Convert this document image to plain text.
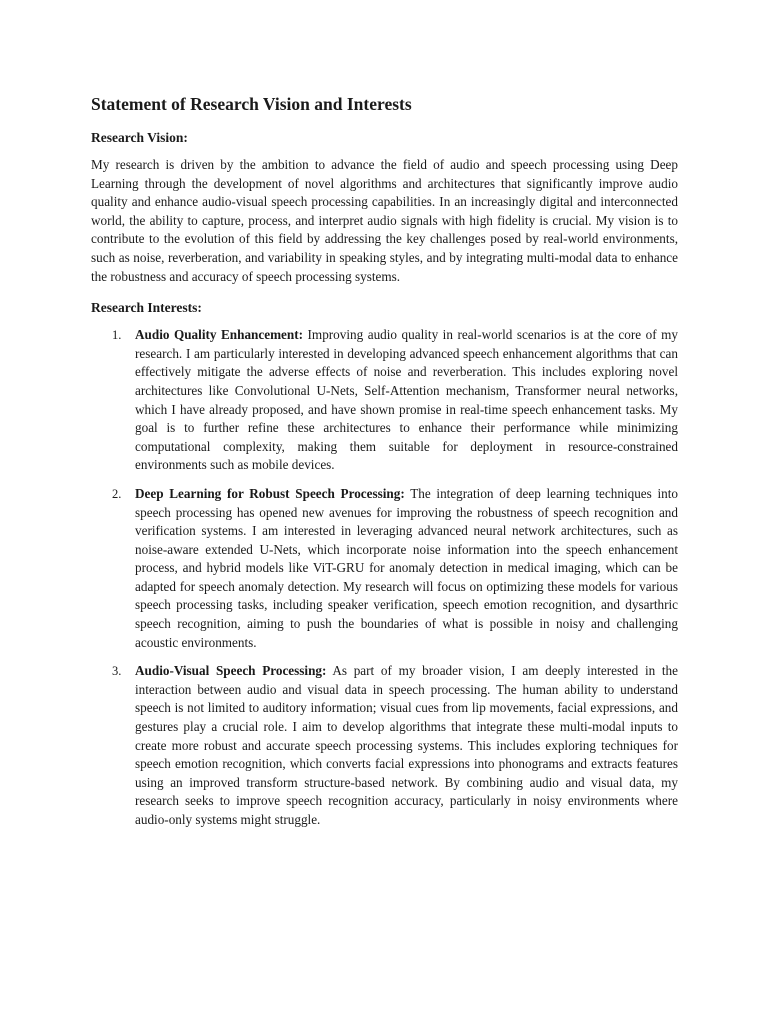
Statement of Research Vision and Interests
Research Vision:

My research is driven by the ambition to advance the field of audio and speech processing using Deep Learning through the development of novel algorithms and architectures that significantly improve audio quality and enhance audio-visual speech processing capabilities. In an increasingly digital and interconnected world, the ability to capture, process, and interpret audio signals with high fidelity is crucial. My vision is to contribute to the evolution of this field by addressing the key challenges posed by real-world environments, such as noise, reverberation, and variability in speaking styles, and by integrating multi-modal data to enhance the robustness and accuracy of speech processing systems.

Research Interests:
1. Audio Quality Enhancement: Improving audio quality in real-world scenarios is at the core of my research. I am particularly interested in developing advanced speech enhancement algorithms that can effectively mitigate the adverse effects of noise and reverberation. This includes exploring novel architectures like Convolutional U-Nets, Self-Attention mechanism, Transformer neural networks, which I have already proposed, and have shown promise in real-time speech enhancement tasks. My goal is to further refine these architectures to enhance their performance while minimizing computational complexity, making them suitable for deployment in resource-constrained environments such as mobile devices.
2. Deep Learning for Robust Speech Processing: The integration of deep learning techniques into speech processing has opened new avenues for improving the robustness of speech recognition and verification systems. I am interested in leveraging advanced neural network architectures, such as noise-aware extended U-Nets, which incorporate noise information into the speech enhancement process, and hybrid models like ViT-GRU for anomaly detection in medical imaging, which can be adapted for speech anomaly detection. My research will focus on optimizing these models for various speech processing tasks, including speaker verification, speech emotion recognition, and dysarthric speech recognition, aiming to push the boundaries of what is possible in noisy and challenging acoustic environments.
3. Audio-Visual Speech Processing: As part of my broader vision, I am deeply interested in the interaction between audio and visual data in speech processing. The human ability to understand speech is not limited to auditory information; visual cues from lip movements, facial expressions, and gestures play a crucial role. I aim to develop algorithms that integrate these multi-modal inputs to create more robust and accurate speech processing systems. This includes exploring techniques for speech emotion recognition, which converts facial expressions into phonograms and extracts features using an improved transform structure-based network. By combining audio and visual data, my research seeks to improve speech recognition accuracy, particularly in noisy environments where audio-only systems might struggle.
